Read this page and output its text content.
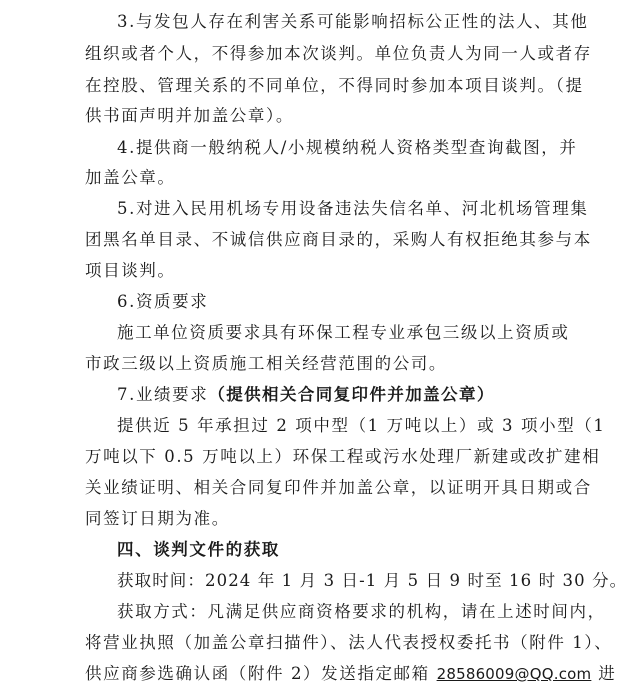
3.与发包人存在利害关系可能影响招标公正性的法人、其他
组织或者个人，不得参加本次谈判。单位负责人为同一人或者存
在控股、管理关系的不同单位，不得同时参加本项目谈判。（提
供书面声明并加盖公章）。
4.提供商一般纳税人/小规模纳税人资格类型查询截图，并
加盖公章。
5.对进入民用机场专用设备违法失信名单、河北机场管理集
团黑名单目录、不诚信供应商目录的，采购人有权拒绝其参与本
项目谈判。
6.资质要求
施工单位资质要求具有环保工程专业承包三级以上资质或
市政三级以上资质施工相关经营范围的公司。
7.业绩要求（提供相关合同复印件并加盖公章）
提供近 5 年承担过 2 项中型（1 万吨以上）或 3 项小型（1
万吨以下 0.5 万吨以上）环保工程或污水处理厂新建或改扩建相
关业绩证明、相关合同复印件并加盖公章，以证明开具日期或合
同签订日期为准。
四、谈判文件的获取
获取时间：2024 年 1 月 3 日-1 月 5 日 9 时至 16 时 30 分。
获取方式：凡满足供应商资格要求的机构，请在上述时间内，
将营业执照（加盖公章扫描件）、法人代表授权委托书（附件 1）、
供应商参选确认函（附件 2）发送指定邮箱 28586009@QQ.com 进
